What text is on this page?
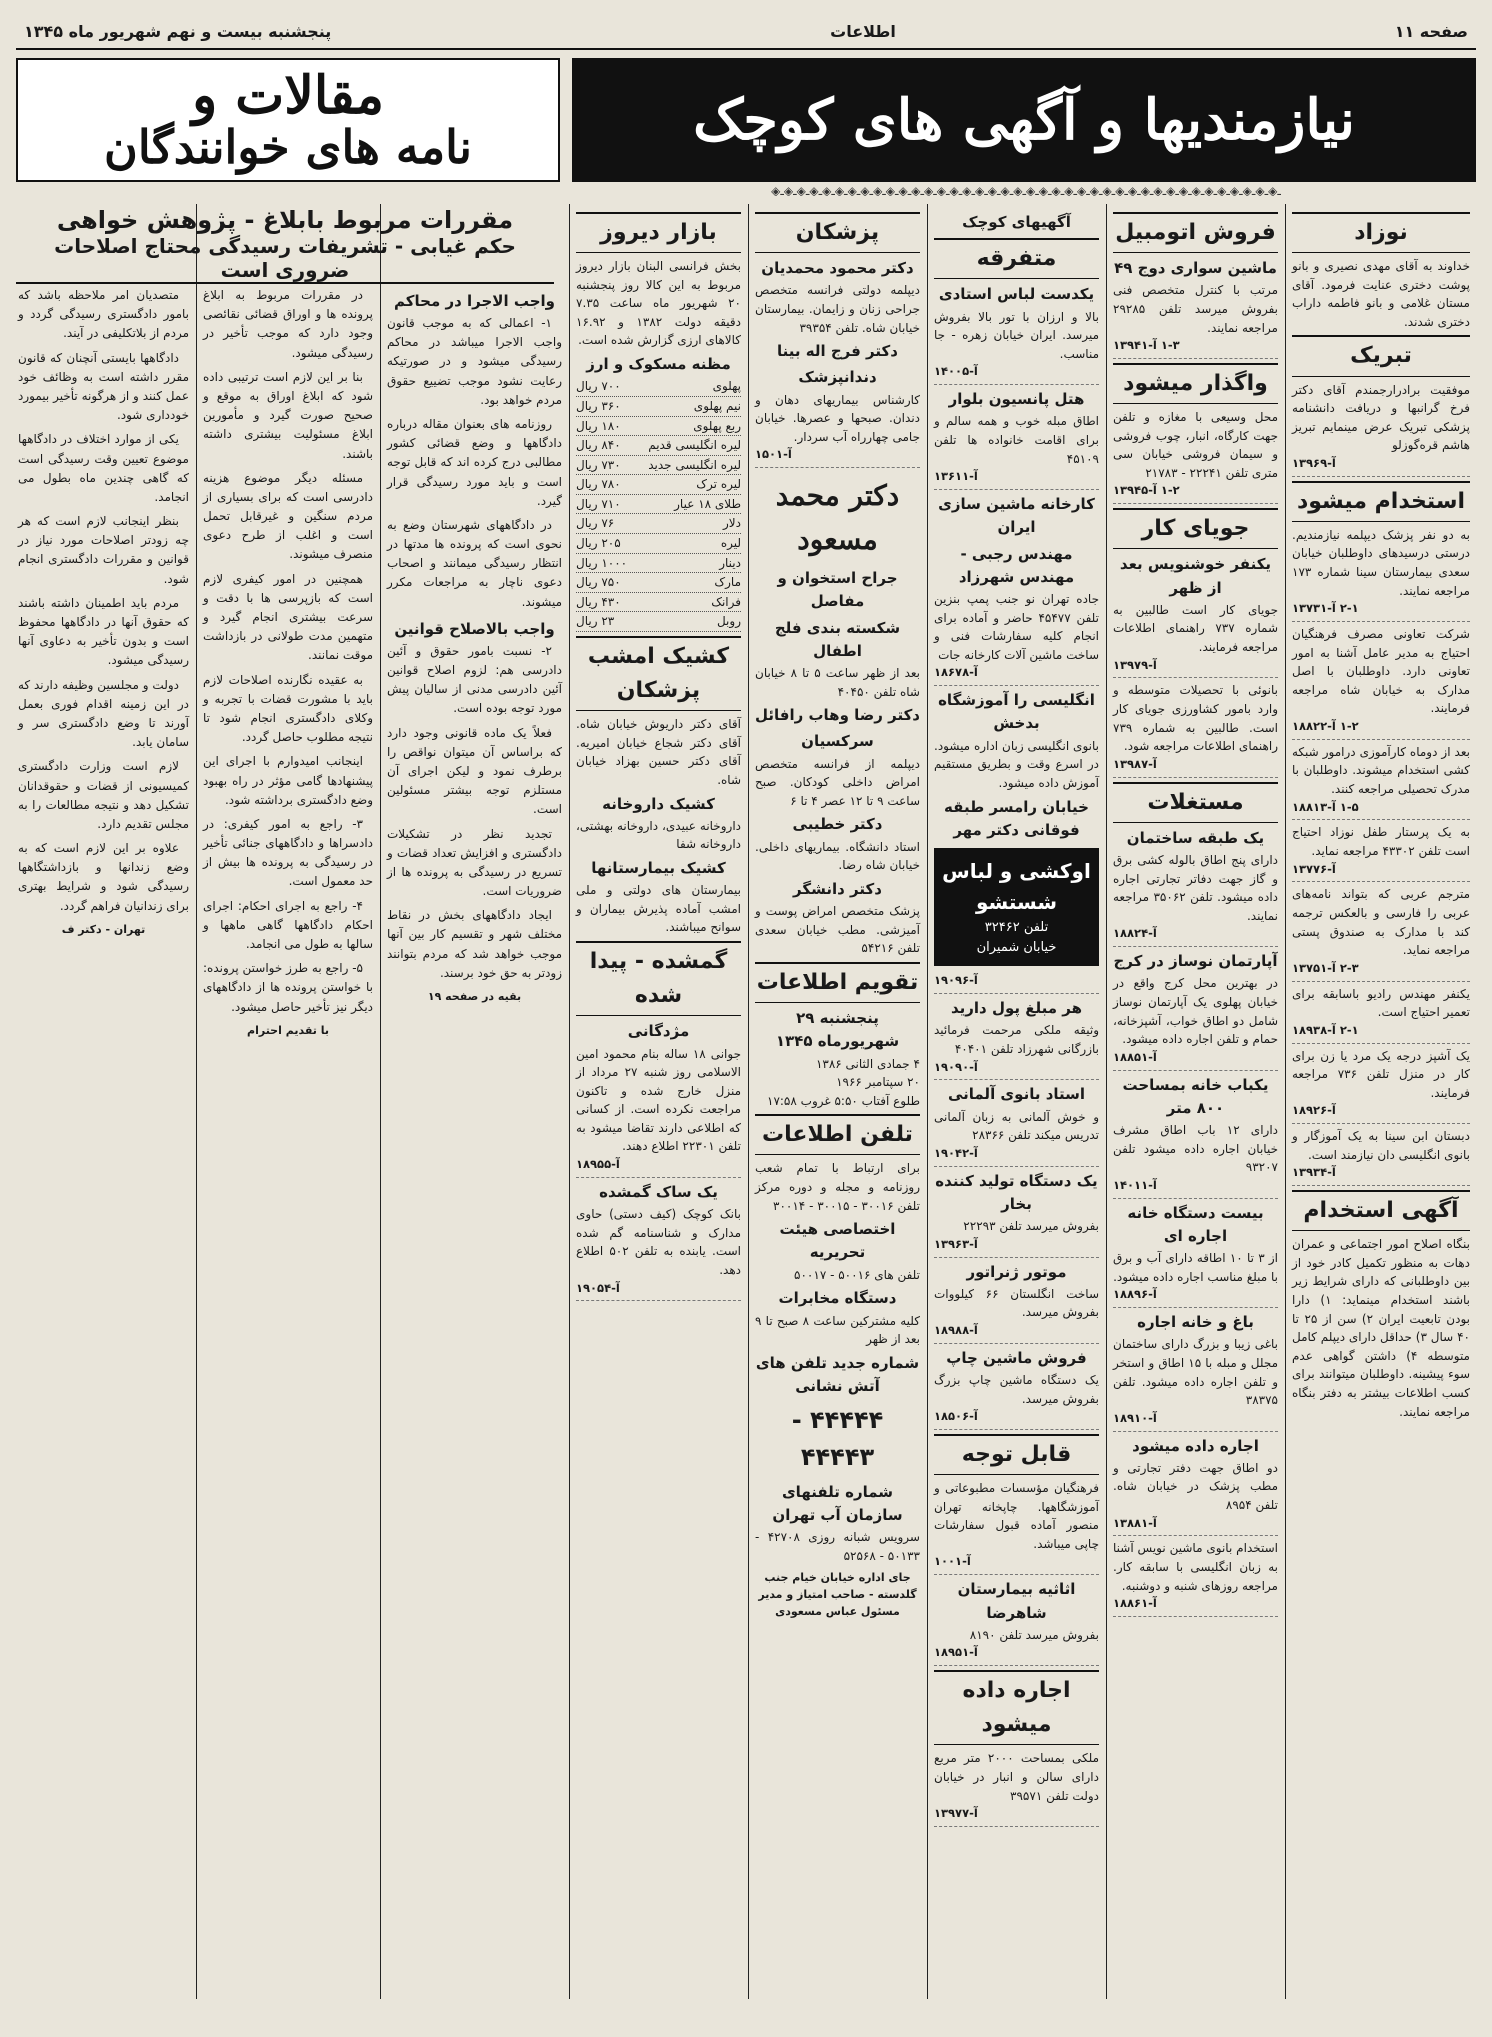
صفحه ۱۱
اطلاعات
پنجشنبه بیست و نهم شهریور ماه ۱۳۴۵
نیازمندیها و آگهی های کوچک
مقالات و
نامه های خوانندگان
ـ◈ـ◈ـ◈ـ◈ـ◈ـ◈ـ◈ـ◈ـ◈ـ◈ـ◈ـ◈ـ◈ـ◈ـ◈ـ◈ـ◈ـ◈ـ◈ـ◈ـ◈ـ◈ـ◈ـ◈ـ◈ـ◈ـ◈ـ◈ـ◈ـ◈ـ◈ـ◈ـ◈ـ◈ـ◈ـ◈ـ◈ـ◈ـ◈ـ◈
نوزاد
خداوند به آقای مهدی نصیری و بانو پوشت دختری عنایت فرمود. آقای مستان غلامی و بانو فاطمه داراب دختری شدند.
تبریک
موفقیت برادرارجمندم آقای دکتر فرخ گرانبها و دریافت دانشنامه پزشکی تبریک عرض مینمایم تبریز هاشم قره‌گوزلو
آ-۱۳۹۶۹
استخدام میشود
به دو نفر پزشک دیپلمه نیازمندیم. درستی درسیدهای داوطلبان خیابان سعدی بیمارستان سینا شماره ۱۷۳ مراجعه نمایند.
۲-۱ آ-۱۳۷۳۱
شرکت تعاونی مصرف فرهنگیان احتیاج به مدیر عامل آشنا به امور تعاونی دارد. داوطلبان با اصل مدارک به خیابان شاه مراجعه فرمایند.
۱-۲ آ-۱۸۸۲۲
بعد از دوماه کارآموزی درامور شبکه کشی استخدام میشوند. داوطلبان با مدرک تحصیلی مراجعه کنند.
۱-۵ آ-۱۸۸۱۳
به یک پرستار طفل نوزاد احتیاج است تلفن ۴۳۳۰۲ مراجعه نماید.
آ-۱۳۷۷۶
مترجم عربی که بتواند نامه‌های عربی را فارسی و بالعکس ترجمه کند با مدارک به صندوق پستی مراجعه نماید.
۲-۳ آ-۱۳۷۵۱
یکنفر مهندس رادیو باسابقه برای تعمیر احتیاج است.
۲-۱ آ-۱۸۹۳۸
یک آشپز درجه یک مرد یا زن برای کار در منزل تلفن ۷۳۶ مراجعه فرمایند.
آ-۱۸۹۲۶
دبستان ابن سینا به یک آموزگار و بانوی انگلیسی دان نیازمند است.
آ-۱۳۹۳۴
آگهی استخدام
بنگاه اصلاح امور اجتماعی و عمران دهات به منظور تکمیل کادر خود از بین داوطلبانی که دارای شرایط زیر باشند استخدام مینماید: ۱) دارا بودن تابعیت ایران ۲) سن از ۲۵ تا ۴۰ سال ۳) حداقل دارای دیپلم کامل متوسطه ۴) داشتن گواهی عدم سوء پیشینه. داوطلبان میتوانند برای کسب اطلاعات بیشتر به دفتر بنگاه مراجعه نمایند.
فروش اتومبیل
ماشین سواری دوج ۴۹
مرتب با کنترل متخصص فنی بفروش میرسد تلفن ۲۹۲۸۵ مراجعه نمایند.
۱-۳ آ-۱۳۹۴۱
واگذار میشود
محل وسیعی با مغازه و تلفن جهت کارگاه، انبار، چوب فروشی و سیمان فروشی خیابان سی متری تلفن ۲۲۲۴۱ - ۲۱۷۸۳
۱-۲ آ-۱۳۹۴۵
جویای کار
یکنفر خوشنویس بعد از ظهر
جویای کار است طالبین به شماره ۷۳۷ راهنمای اطلاعات مراجعه فرمایند.
آ-۱۳۹۷۹
بانوئی با تحصیلات متوسطه و وارد بامور کشاورزی جویای کار است. طالبین به شماره ۷۳۹ راهنمای اطلاعات مراجعه شود.
آ-۱۳۹۸۷
مستغلات
یک طبقه ساختمان
دارای پنج اطاق بالوله کشی برق و گاز جهت دفاتر تجارتی اجاره داده میشود. تلفن ۳۵۰۶۲ مراجعه نمایند.
آ-۱۸۸۲۴
آپارتمان نوساز در کرج
در بهترین محل کرج واقع در خیابان پهلوی یک آپارتمان نوساز شامل دو اطاق خواب، آشپزخانه، حمام و تلفن اجاره داده میشود.
آ-۱۸۸۵۱
یکباب خانه بمساحت ۸۰۰ متر
دارای ۱۲ باب اطاق مشرف خیابان اجاره داده میشود تلفن ۹۳۲۰۷
آ-۱۴۰۱۱
بیست دستگاه خانه اجاره ای
از ۳ تا ۱۰ اطاقه دارای آب و برق با مبلغ مناسب اجاره داده میشود.
آ-۱۸۸۹۶
باغ و خانه اجاره
باغی زیبا و بزرگ دارای ساختمان مجلل و مبله با ۱۵ اطاق و استخر و تلفن اجاره داده میشود. تلفن ۳۸۳۷۵
آ-۱۸۹۱۰
اجاره داده میشود
دو اطاق جهت دفتر تجارتی و مطب پزشک در خیابان شاه. تلفن ۸۹۵۴
آ-۱۳۸۸۱
استخدام بانوی ماشین نویس آشنا به زبان انگلیسی با سابقه کار. مراجعه روزهای شنبه و دوشنبه.
آ-۱۸۸۶۱
آگهیهای کوچک
متفرقه
یکدست لباس استادی
بالا و ارزان با تور بالا بفروش میرسد. ایران خیابان زهره - جا مناسب.
آ-۱۴۰۰۵
هتل پانسیون بلوار
اطاق مبله خوب و همه سالم و برای اقامت خانواده ها تلفن ۴۵۱۰۹
آ-۱۳۶۱۱
کارخانه ماشین سازی ایران
مهندس رجبی - مهندس شهرزاد
جاده تهران نو جنب پمپ بنزین تلفن ۴۵۴۷۷ حاضر و آماده برای انجام کلیه سفارشات فنی و ساخت ماشین آلات کارخانه جات
آ-۱۸۶۷۸
انگلیسی را آموزشگاه بدخش
بانوی انگلیسی زبان اداره میشود. در اسرع وقت و بطریق مستقیم آموزش داده میشود.
خیابان رامسر طبقه فوقانی دکتر مهر
اوکشی و لباس شستشو
تلفن ۳۲۴۶۲
خیابان شمیران
آ-۱۹۰۹۶
هر مبلغ پول دارید
وثیقه ملکی مرحمت فرمائید بازرگانی شهرزاد تلفن ۴۰۴۰۱
آ-۱۹۰۹۰
استاد بانوی آلمانی
و خوش آلمانی به زبان آلمانی تدریس میکند تلفن ۲۸۳۶۶
آ-۱۹۰۴۲
یک دستگاه تولید کننده بخار
بفروش میرسد تلفن ۲۲۲۹۳
آ-۱۳۹۶۳
موتور ژنراتور
ساخت انگلستان ۶۶ کیلووات بفروش میرسد.
آ-۱۸۹۸۸
فروش ماشین چاپ
یک دستگاه ماشین چاپ بزرگ بفروش میرسد.
آ-۱۸۵۰۶
قابل توجه
فرهنگیان مؤسسات مطبوعاتی و آموزشگاهها. چاپخانه تهران منصور آماده قبول سفارشات چاپی میباشد.
آ-۱۰۰۱
اثاثیه بیمارستان شاهرضا
بفروش میرسد تلفن ۸۱۹۰
آ-۱۸۹۵۱
اجاره داده میشود
ملکی بمساحت ۲۰۰۰ متر مربع دارای سالن و انبار در خیابان دولت تلفن ۳۹۵۷۱
آ-۱۳۹۷۷
پزشکان
دکتر محمود محمدیان
دیپلمه دولتی فرانسه متخصص جراحی زنان و زایمان. بیمارستان خیابان شاه. تلفن ۳۹۳۵۴
دکتر فرج اله بینا
دندانپزشک
کارشناس بیماریهای دهان و دندان. صبحها و عصرها. خیابان جامی چهارراه آب سردار.
آ-۱۵۰۱
دکتر محمد مسعود
جراح استخوان و مفاصل
شکسته بندی فلج اطفال
بعد از ظهر ساعت ۵ تا ۸ خیابان شاه تلفن ۴۰۴۵۰
دکتر رضا وهاب رافائل
سرکسیان
دیپلمه از فرانسه متخصص امراض داخلی کودکان. صبح ساعت ۹ تا ۱۲ عصر ۴ تا ۶
دکتر خطیبی
استاد دانشگاه. بیماریهای داخلی. خیابان شاه رضا.
دکتر دانشگر
پزشک متخصص امراض پوست و آمیزشی. مطب خیابان سعدی تلفن ۵۴۲۱۶
تقویم اطلاعات
پنجشنبه ۲۹ شهریورماه ۱۳۴۵
۴ جمادی الثانی ۱۳۸۶
۲۰ سپتامبر ۱۹۶۶
طلوع آفتاب ۵:۵۰ غروب ۱۷:۵۸
تلفن اطلاعات
برای ارتباط با تمام شعب روزنامه و مجله و دوره مرکز تلفن ۳۰۰۱۶ - ۳۰۰۱۵ - ۳۰۰۱۴
اختصاصی هیئت تحریریه
تلفن های ۵۰۰۱۶ - ۵۰۰۱۷
دستگاه مخابرات
کلیه مشترکین ساعت ۸ صبح تا ۹ بعد از ظهر
شماره جدید تلفن های آتش نشانی
۴۴۴۴۴ - ۴۴۴۴۳
شماره تلفنهای سازمان آب تهران
سرویس شبانه روزی ۴۲۷۰۸ - ۵۰۱۳۳ - ۵۲۵۶۸
جای اداره خیابان خیام جنب گلدسته - صاحب امتیاز و مدیر مسئول عباس مسعودی
بازار دیروز
بخش فرانسی البنان بازار دیروز مربوط به این کالا روز پنجشنبه ۲۰ شهریور ماه ساعت ۷.۳۵ دقیقه دولت ۱۳۸۲ و ۱۶.۹۲ کالاهای ارزی گزارش شده است.
مظنه مسکوک و ارز
پهلوی
۷۰۰ ریال
نیم پهلوی
۳۶۰ ریال
ربع پهلوی
۱۸۰ ریال
لیره انگلیسی قدیم
۸۴۰ ریال
لیره انگلیسی جدید
۷۳۰ ریال
لیره ترک
۷۸۰ ریال
طلای ۱۸ عیار
۷۱۰ ریال
دلار
۷۶ ریال
لیره
۲۰۵ ریال
دینار
۱۰۰۰ ریال
مارک
۷۵۰ ریال
فرانک
۴۳۰ ریال
روبل
۲۳ ریال
کشیک امشب پزشکان
آقای دکتر داریوش خیابان شاه. آقای دکتر شجاع خیابان امیریه. آقای دکتر حسین بهزاد خیابان شاه.
کشیک داروخانه
داروخانه عبیدی، داروخانه بهشتی، داروخانه شفا
کشیک بیمارستانها
بیمارستان های دولتی و ملی امشب آماده پذیرش بیماران و سوانح میباشند.
گمشده - پیدا شده
مژدگانی
جوانی ۱۸ ساله بنام محمود امین الاسلامی روز شنبه ۲۷ مرداد از منزل خارج شده و تاکنون مراجعت نکرده است. از کسانی که اطلاعی دارند تقاضا میشود به تلفن ۲۲۳۰۱ اطلاع دهند.
آ-۱۸۹۵۵
یک ساک گمشده
بانک کوچک (کیف دستی) حاوی مدارک و شناسنامه گم شده است. یابنده به تلفن ۵۰۲ اطلاع دهد.
آ-۱۹۰۵۴
واجب الاجرا در محاکم

۱- اعمالی که به موجب قانون واجب الاجرا میباشد در محاکم رسیدگی میشود و در صورتیکه رعایت نشود موجب تضییع حقوق مردم خواهد بود.

روزنامه های بعنوان مقاله درباره دادگاهها و وضع قضائی کشور مطالبی درج کرده اند که قابل توجه است و باید مورد رسیدگی قرار گیرد.

در دادگاههای شهرستان وضع به نحوی است که پرونده ها مدتها در انتظار رسیدگی میمانند و اصحاب دعوی ناچار به مراجعات مکرر میشوند.

واجب بالاصلاح قوانین

۲- نسبت بامور حقوق و آئین دادرسی هم: لزوم اصلاح قوانین آئین دادرسی مدنی از سالیان پیش مورد توجه بوده است.

فعلاً یک ماده قانونی وجود دارد که براساس آن میتوان نواقص را برطرف نمود و لیکن اجرای آن مستلزم توجه بیشتر مسئولین است.

تجدید نظر در تشکیلات دادگستری و افزایش تعداد قضات و تسریع در رسیدگی به پرونده ها از ضروریات است.

ایجاد دادگاههای بخش در نقاط مختلف شهر و تقسیم کار بین آنها موجب خواهد شد که مردم بتوانند زودتر به حق خود برسند.

بقیه در صفحه ۱۹

در مقررات مربوط به ابلاغ پرونده ها و اوراق قضائی نقائصی وجود دارد که موجب تأخیر در رسیدگی میشود.

بنا بر این لازم است ترتیبی داده شود که ابلاغ اوراق به موقع و صحیح صورت گیرد و مأمورین ابلاغ مسئولیت بیشتری داشته باشند.

مسئله دیگر موضوع هزینه دادرسی است که برای بسیاری از مردم سنگین و غیرقابل تحمل است و اغلب از طرح دعوی منصرف میشوند.

همچنین در امور کیفری لازم است که بازپرسی ها با دقت و سرعت بیشتری انجام گیرد و متهمین مدت طولانی در بازداشت موقت نمانند.

به عقیده نگارنده اصلاحات لازم باید با مشورت قضات با تجربه و وکلای دادگستری انجام شود تا نتیجه مطلوب حاصل گردد.

اینجانب امیدوارم با اجرای این پیشنهادها گامی مؤثر در راه بهبود وضع دادگستری برداشته شود.

۳- راجع به امور کیفری: در دادسراها و دادگاههای جنائی تأخیر در رسیدگی به پرونده ها بیش از حد معمول است.

۴- راجع به اجرای احکام: اجرای احکام دادگاهها گاهی ماهها و سالها به طول می انجامد.

۵- راجع به طرز خواستن پرونده: با خواستن پرونده ها از دادگاههای دیگر نیز تأخیر حاصل میشود.

با تقدیم احترام

متصدیان امر ملاحظه باشد که بامور دادگستری رسیدگی گردد و مردم از بلاتکلیفی در آیند.

دادگاهها بایستی آنچنان که قانون مقرر داشته است به وظائف خود عمل کنند و از هرگونه تأخیر بیمورد خودداری شود.

یکی از موارد اختلاف در دادگاهها موضوع تعیین وقت رسیدگی است که گاهی چندین ماه بطول می انجامد.

بنظر اینجانب لازم است که هر چه زودتر اصلاحات مورد نیاز در قوانین و مقررات دادگستری انجام شود.

مردم باید اطمینان داشته باشند که حقوق آنها در دادگاهها محفوظ است و بدون تأخیر به دعاوی آنها رسیدگی میشود.

دولت و مجلسین وظیفه دارند که در این زمینه اقدام فوری بعمل آورند تا وضع دادگستری سر و سامان یابد.

لازم است وزارت دادگستری کمیسیونی از قضات و حقوقدانان تشکیل دهد و نتیجه مطالعات را به مجلس تقدیم دارد.

علاوه بر این لازم است که به وضع زندانها و بازداشتگاهها رسیدگی شود و شرایط بهتری برای زندانیان فراهم گردد.

تهران - دکتر ف
مقررات مربوط بابلاغ - پژوهش خواهی
حکم غیابی - تشریفات رسیدگی محتاج اصلاحات ضروری است
